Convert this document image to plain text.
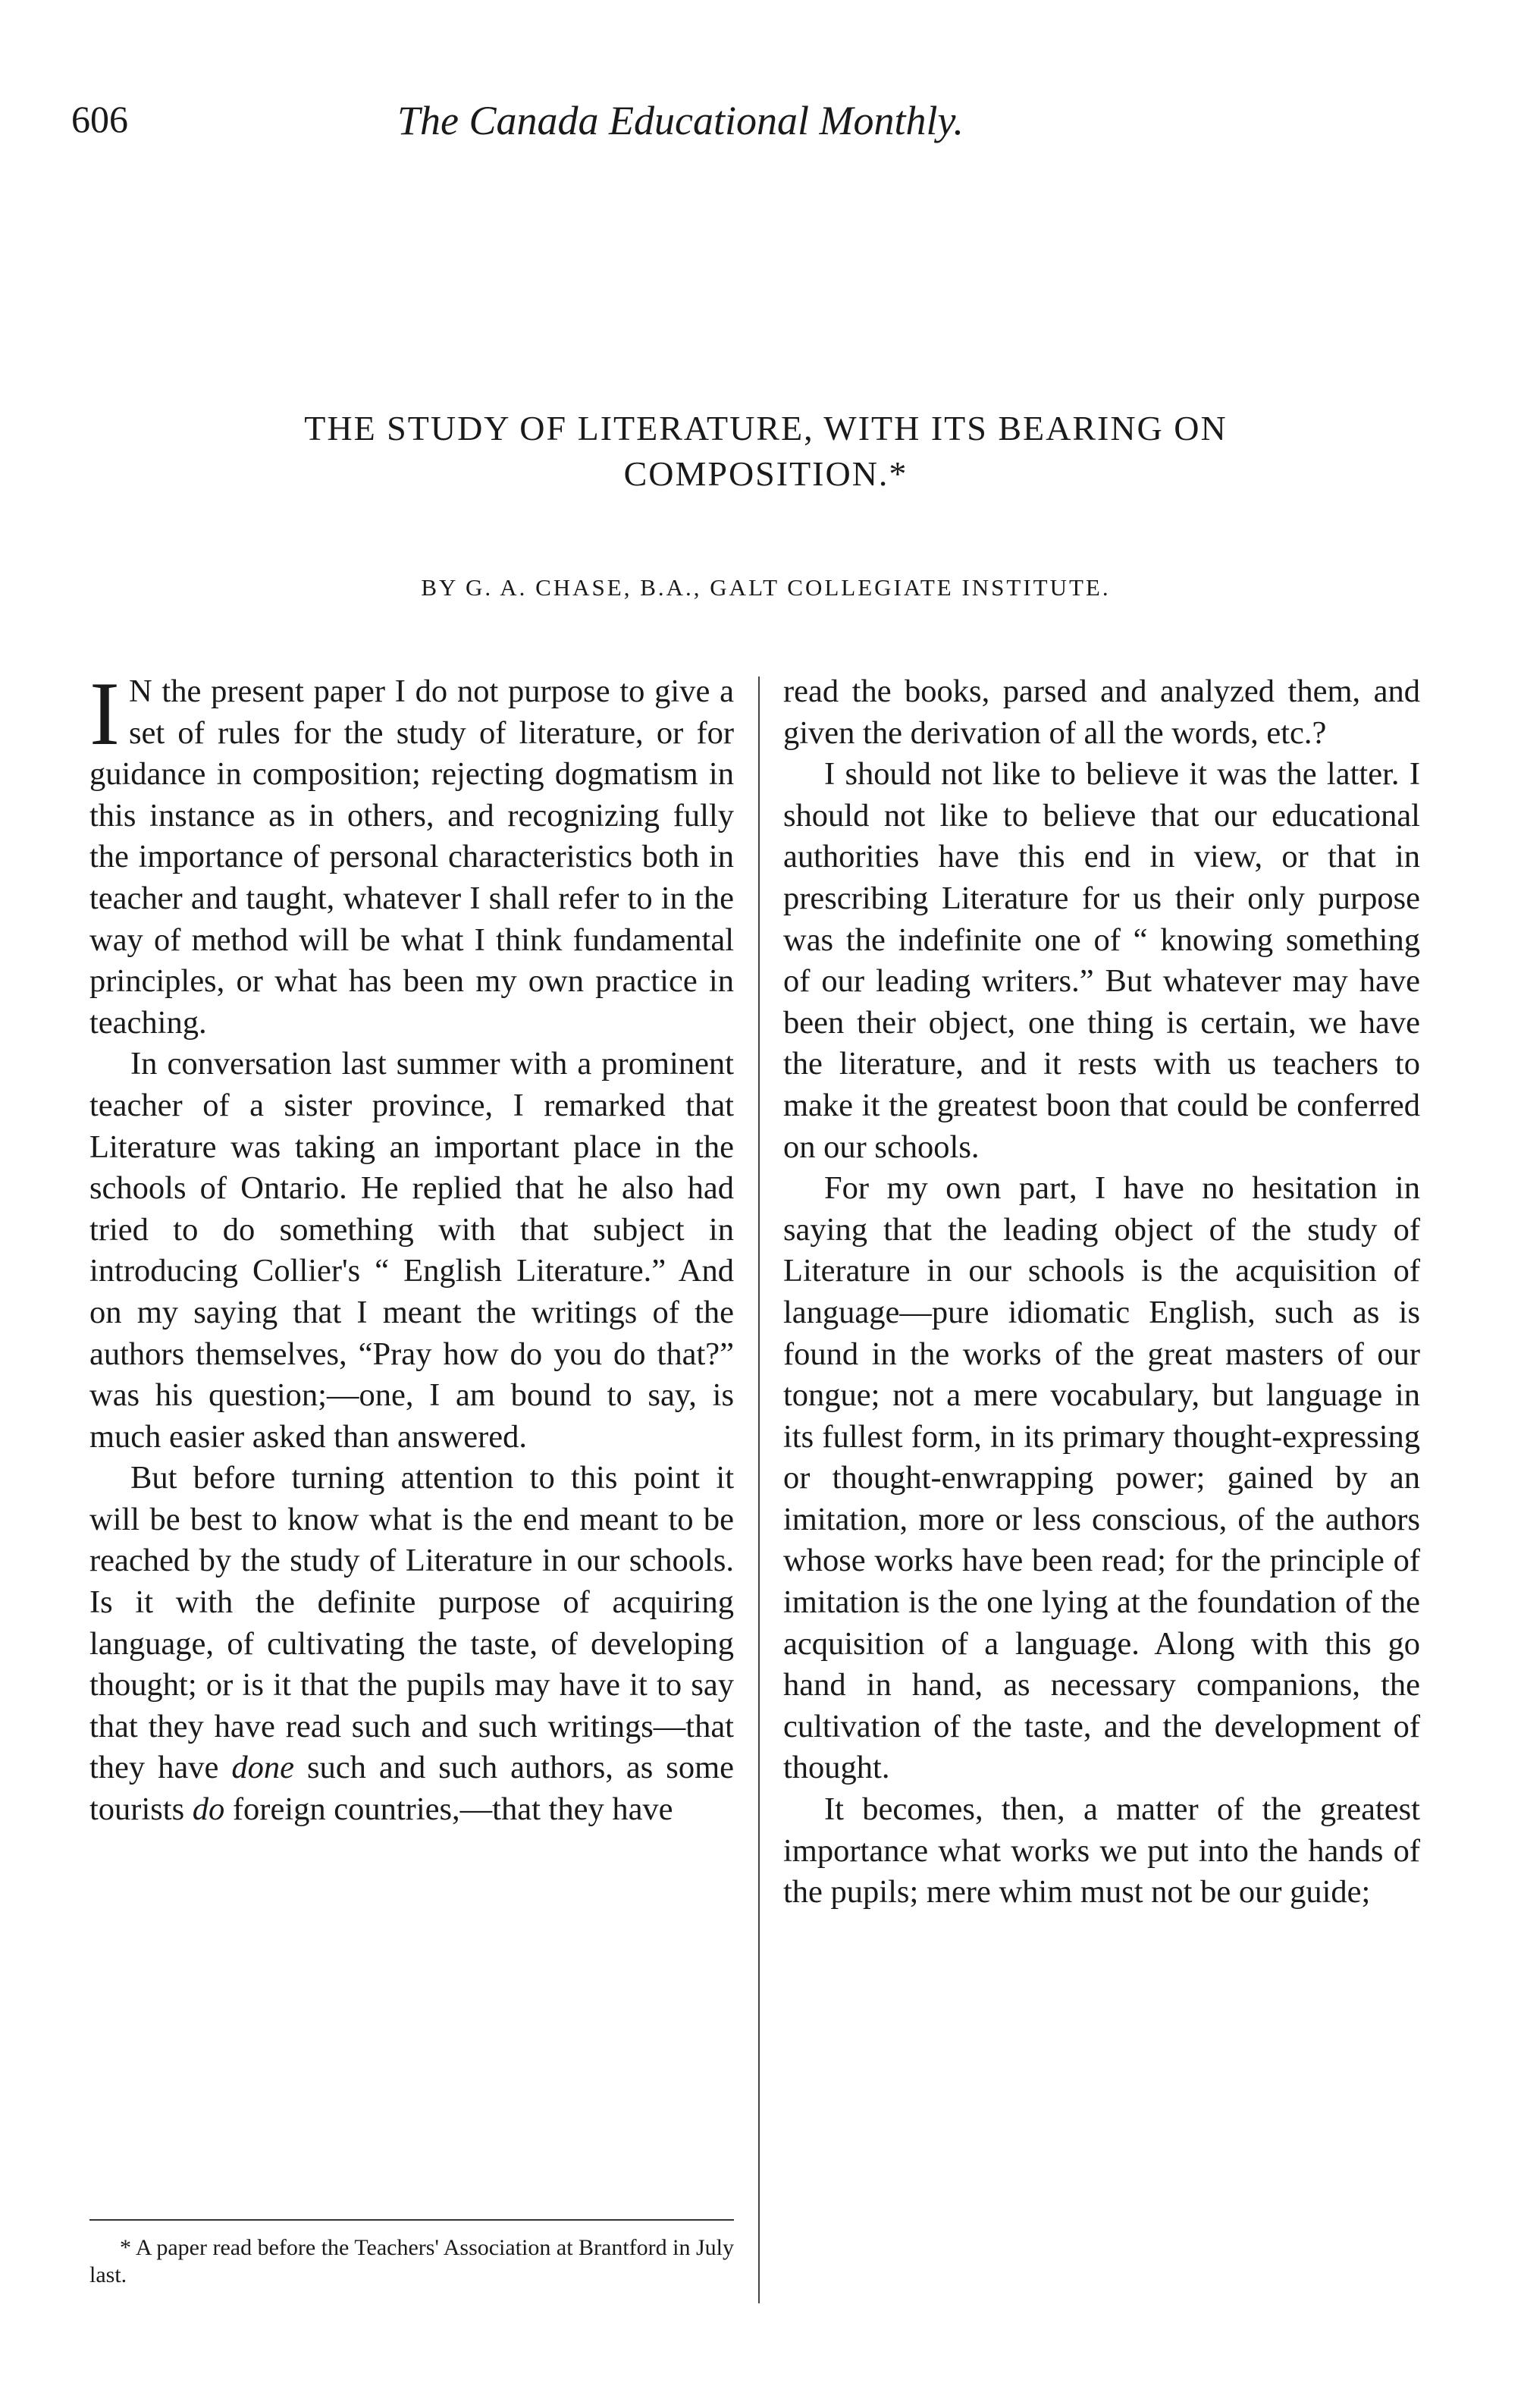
606	The Canada Educational Monthly.
THE STUDY OF LITERATURE, WITH ITS BEARING ON
COMPOSITION.*
BY G. A. CHASE, B.A., GALT COLLEGIATE INSTITUTE.

I N the present paper I do not purpose to give a set of rules for the study of literature, or for guidance in composition; rejecting dogmatism in this instance as in others, and recognizing fully the importance of personal characteristics both in teacher and taught, whatever I shall refer to in the way of method will be what I think fundamental principles, or what has been my own practice in teaching.

In conversation last summer with a prominent teacher of a sister province, I remarked that Literature was taking an important place in the schools of Ontario. He replied that he also had tried to do something with that subject in introducing Collier's “ English Literature.” And on my saying that I meant the writings of the authors themselves, “Pray how do you do that?” was his question;—one, I am bound to say, is much easier asked than answered.

But before turning attention to this point it will be best to know what is the end meant to be reached by the study of Literature in our schools. Is it with the definite purpose of acquiring language, of cultivating the taste, of developing thought; or is it that the pupils may have it to say that they have read such and such writings—that they have done such and such authors, as some tourists do foreign countries,—that they have

read the books, parsed and analyzed them, and given the derivation of all the words, etc.?

I should not like to believe it was the latter. I should not like to believe that our educational authorities have this end in view, or that in prescribing Literature for us their only purpose was the indefinite one of “ knowing something of our leading writers.” But whatever may have been their object, one thing is certain, we have the literature, and it rests with us teachers to make it the greatest boon that could be conferred on our schools.

For my own part, I have no hesitation in saying that the leading object of the study of Literature in our schools is the acquisition of language—pure idiomatic English, such as is found in the works of the great masters of our tongue; not a mere vocabulary, but language in its fullest form, in its primary thought-expressing or thought-enwrapping power; gained by an imitation, more or less conscious, of the authors whose works have been read; for the principle of imitation is the one lying at the foundation of the acquisition of a language. Along with this go hand in hand, as necessary companions, the cultivation of the taste, and the development of thought.

It becomes, then, a matter of the greatest importance what works we put into the hands of the pupils; mere whim must not be our guide;

* A paper read before the Teachers' Association at Brantford in July last.
